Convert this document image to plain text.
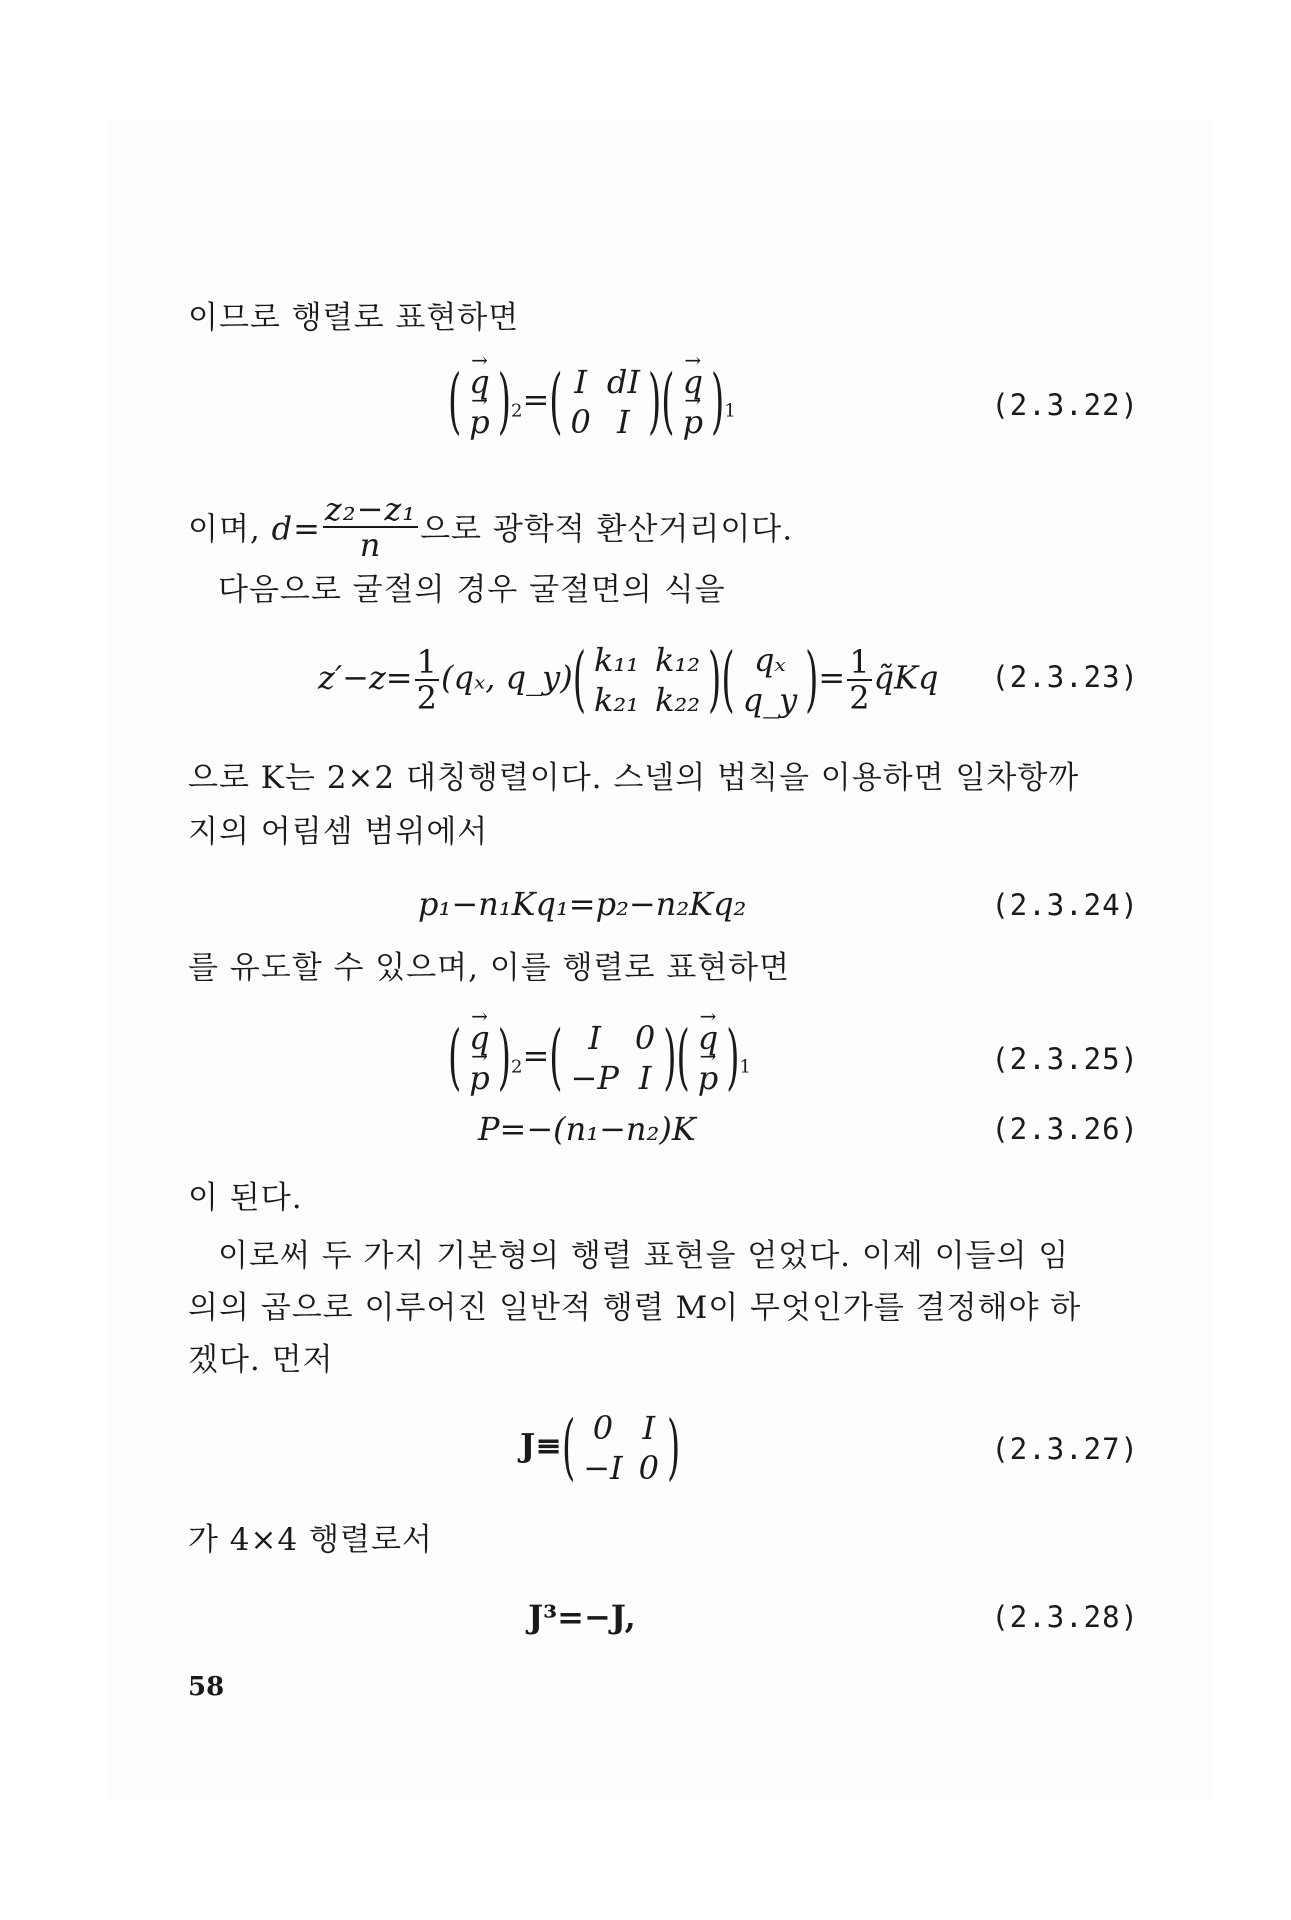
이므로 행렬로 표현하면
( → q
→ p )$_2=$( I	dI
0	I )( → q
→ p )$_1$	(2.3.22)
이며, $d= \frac{\text{z₂−z₁}}{n}$ 으로 광학적 환산거리이다.
다음으로 굴절의 경우 굴절면의 식을
$z'-z= \frac{1}{2} (q_x$, q_y)( k₁₁	k₁₂
k₂₁	k₂₂ )( qₓ
q_y )= $\frac{1}{2}$ q̃Kq (2.3.23)
으로 K는 2×2 대칭행렬이다. 스넬의 법칙을 이용하면 일차항까
지의 어림셈 범위에서
p₁−n₁Kq₁=p₂−n₂Kq₂	(2.3.24)
를 유도할 수 있으며, 이를 행렬로 표현하면
( → q
→ p )$_2=$( I	0
−P	I )( → q
→ p )$_1$	(2.3.25)
P=−(n₁−n₂)K	(2.3.26)
이 된다.
이로써 두 가지 기본형의 행렬 표현을 얻었다. 이제 이들의 임
의의 곱으로 이루어진 일반적 행렬 M이 무엇인가를 결정해야 하
겠다. 먼저
J≡( 0	I
−I	0 )	(2.3.27)
가 4×4 행렬로서
J³=−J,	(2.3.28)
58
